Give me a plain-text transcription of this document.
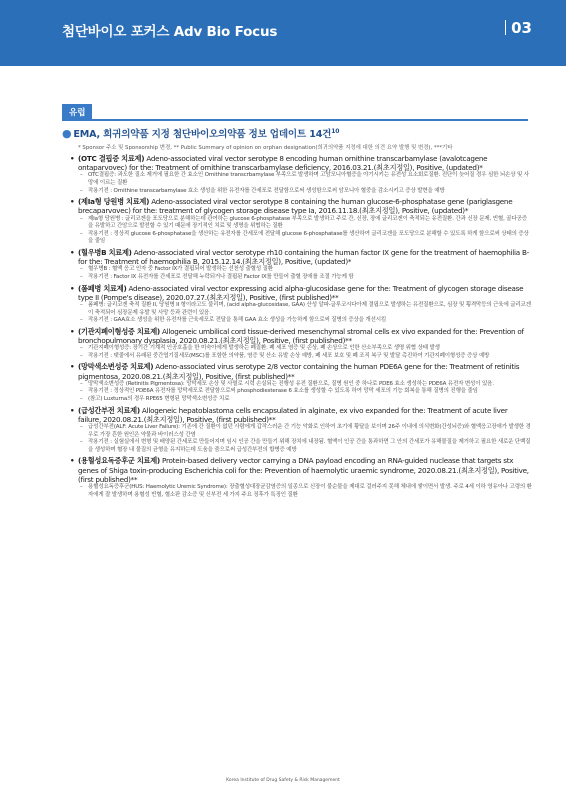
첨단바이오 포커스 Adv Bio Focus	03
유럽
● EMA, 희귀의약품 지정 첨단바이오의약품 정보 업데이트 14건$^{10}$
* Sponsor 주소 및 Sponsorship 변경, ** Public Summary of opinion on orphan designation(희귀의약품 지정에 대한 의견 요약 발행 및 변경), ***기타
• (OTC 결핍증 치료제) Adeno-associated viral vector serotype 8 encoding human ornithine transcarbamylase (avalotcagene ontaparvovec) for the: Treatment of ornithine transcarbamylase deficiency, 2016.03.21.(최초지정일), Positive, (updated)*
– OTC결핍증: 과도한 질소 제거에 필요한 간 효소인 Ornithine transcrbamylase 부족으로 발생하며 고암모니아혈증을 야기시키는 유전성 요소회로질환. 진단이 늦어질 경우 심한 뇌손상 및 사망에 이르는 질환
– 작용기전 : Ornithine transcarbamylase 효소 생성을 위한 유전자를 간세포로 전달함으로써 생성함으로써 암모니아 혈중을 감소시키고 증상 발현을 예방
• (제Ia형 당원병 치료제) Adeno-associated viral vector serotype 8 containing the human glucose-6-phosphatase gene (pariglasgene brecaparvovec) for the: treatment of glycogen storage disease type Ia, 2016.11.18.(최초지정일), Positive, (updated)*
– 제Ia형 당원병 : 글리코겐을 포도당으로 분해하는데 관여하는 glucose 6-phosphatase 부족으로 발생하고 주로 간, 신장, 장에 글리코겐이 축적되는 유전질환. 간과 신장 문제, 빈혈, 골다공증을 유발하고 간암으로 발전할 수 있기 때문에 장기적인 치료 및 생명을 위협하는 질환
– 작용기전 : 정상적 glucose 6-phosphatase을 생산하는 유전자를 간세포에 전달해 glucose 6-phosphatase를 생산하여 글리코겐을 포도당으로 분해할 수 있도록 하게 함으로써 상태의 증상을 줄임
• (혈우병B 치료제) Adeno-associated viral vector serotype rh10 containing the human factor IX gene for the treatment of haemophilia B- for the: Treatment of haemophilia B, 2015.12.14.(최초지정일), Positive, (updated)*
– 혈우병B : 혈액 응고 인자 중 Factor IX가 결핍되어 발생하는 선천성 출혈성 질환
– 작용기전 : Factor IX 유전자를 간세포로 전달해 누락되거나 결핍된 Factor IX를 만들어 출혈 장애를 조절 가능케 함
• (폼페병 치료제) Adeno-associated viral vector expressing acid alpha-glucosidase gene for the: Treatment of glycogen storage disease type II (Pompe's disease), 2020.07.27.(최초지정일), Positive, (first published)**
– 폼페병: 글리코겐 축적 질환 II, 당원병 II 형이라고도 불리며, (acid alpha-glucosidase, GAA) 산성 알파-글루코시다아제 결핍으로 발생하는 유전질환으로, 심장 및 횡격막등의 근육에 글리코겐이 축적되어 심장문제 유발 및 사망 등과 관련이 있음.
– 작용기전 : GAA효소 생성을 위한 유전자를 근육세포로 전달을 통해 GAA 효소 생성을 가능하게 함으로써 질병의 증상을 개선시킴
• (기관지폐이형성증 치료제) Allogeneic umbilical cord tissue-derived mesenchymal stromal cells ex vivo expanded for the: Prevention of bronchopulmonary dysplasia, 2020.08.21.(최초지정일), Positive, (first published)**
– 기관지폐이형성증: 장기간 기계적 인공호흡을 한 미숙아에게 발생하는 폐질환. 폐 세포 염증 및 손상, 폐 손상으로 인한 산소부족으로 생명 위협 상태 발생
– 작용기전 : 탯줄에서 유래된 중간엽기질세포(MSC)를 포함한 의약품, 염증 및 산소 유발 손상 예방, 폐 세포 보호 및 폐 조직 복구 및 발달 촉진하여 기관지폐이형성증 증상 예방
• (망막색소변성증 치료제) Adeno-associated virus serotype 2/8 vector containing the human PDE6A gene for the: Treatment of retinitis pigmentosa, 2020.08.21.(최초지정일), Positive, (first published)**
– 망막색소변성증 (Retinitis Pigmentosa): 망막세포 손상 및 사멸로 시력 손실되는 진행성 유전 질환으로, 질병 원인 중 하나로 PDE6 효소 생성하는 PDE6A 유전자 변성이 있음.
– 작용기전 : 정상적인 PDE6A 유전자를 망막세포로 전달함으로써 phosphodiesterase 6 효소를 생성할 수 있도록 하여 망막 세포의 기능 회복을 통해 질병의 진행을 줄임
– (참고) Luxturna의 경우 RPE65 변형된 망막색소변성증 치료
• (급성간부전 치료제) Allogeneic hepatoblastoma cells encapsulated in alginate, ex vivo expanded for the: Treatment of acute liver failure, 2020.08.21.(최초지정일), Positive, (first published)**
– 급성간부전(ALF: Acute Liver Failure): 기존에 간 질환이 없던 사람에게 갑작스러운 간 기능 악화로 인하여 초기에 황달을 보이며 26주 이내에 의식변화(간성뇌증)와 혈액응고장애가 발생한 경우로 가장 흔한 원인은 약물과 바이러스성 간염
– 작용기전 : 실험실에서 변형 및 배양된 간세포로 만들어지며 임시 인공 간을 만들기 위해 장치에 내장됨. 혈액이 인공 간을 통과하면 그 안의 간세포가 유해물질을 제거하고 필요한 새로운 단백질을 생성하며 혈장 내 물질의 균형을 유지하는데 도움을 줌으로써 급성간부전의 합병증 예방
• (용혈성요독증후군 치료제) Protein-based delivery vector carrying a DNA payload encoding an RNA-guided nuclease that targets stx genes of Shiga toxin-producing Escherichia coli for the: Prevention of haemolytic uraemic syndrome, 2020.08.21.(최초지정일), Positive, (first published)**
– 용혈성요독증후군(HUS: Haemolytic Uremic Syndrome): 장출혈성대장균감염증의 일종으로 신장이 불순물을 제대로 걸러주지 못해 체내에 쌓이면서 발생. 주로 4세 이하 영유아나 고령의 환자에게 잘 발생하며 용혈성 빈혈, 혈소판 감소증 및 신부전 세 가지 주요 징후가 특징인 질환
Korea Institute of Drug Safety & Risk Management
